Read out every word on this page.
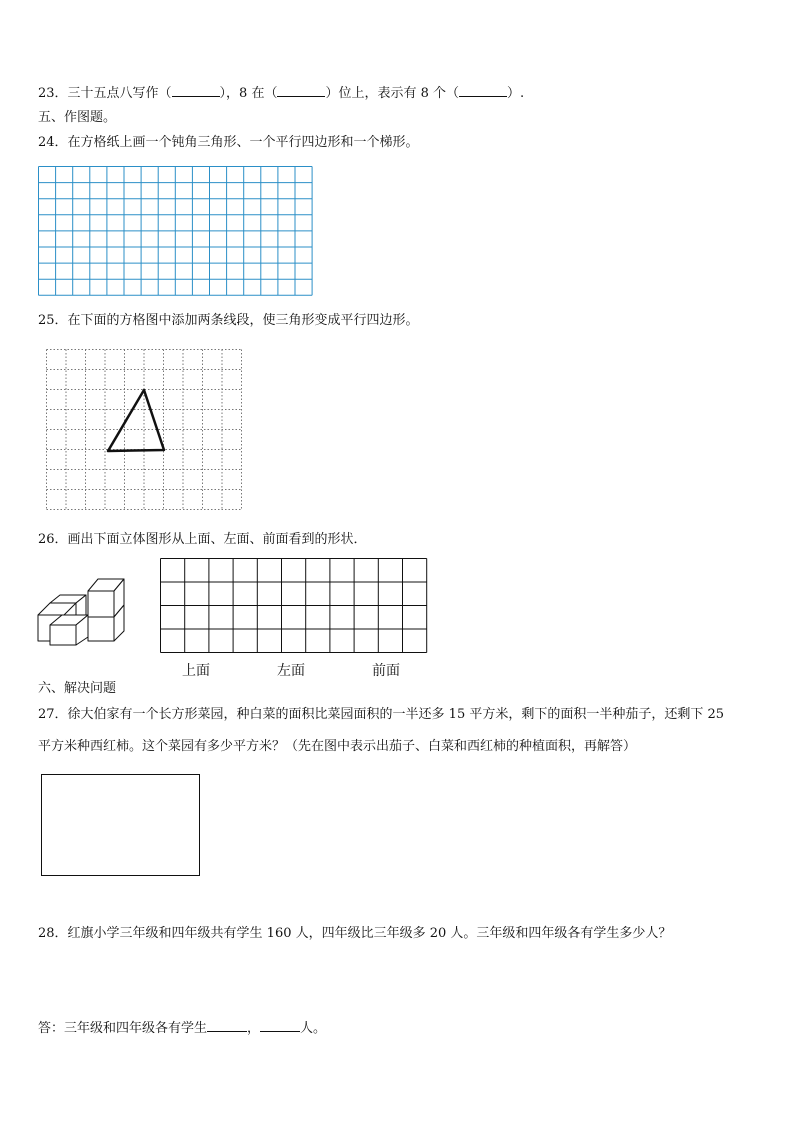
23．三十五点八写作（	），8 在（	）位上，表示有 8 个（	）.
五、作图题。
24．在方格纸上画一个钝角三角形、一个平行四边形和一个梯形。
25．在下面的方格图中添加两条线段，使三角形变成平行四边形。
26．画出下面立体图形从上面、左面、前面看到的形状．
上面	左面	前面
六、解决问题
27．徐大伯家有一个长方形菜园，种白菜的面积比菜园面积的一半还多 15 平方米，剩下的面积一半种茄子，还剩下 25
平方米种西红柿。这个菜园有多少平方米？（先在图中表示出茄子、白菜和西红柿的种植面积，再解答）
28．红旗小学三年级和四年级共有学生 160 人，四年级比三年级多 20 人。三年级和四年级各有学生多少人？
答：三年级和四年级各有学生	，	人。
